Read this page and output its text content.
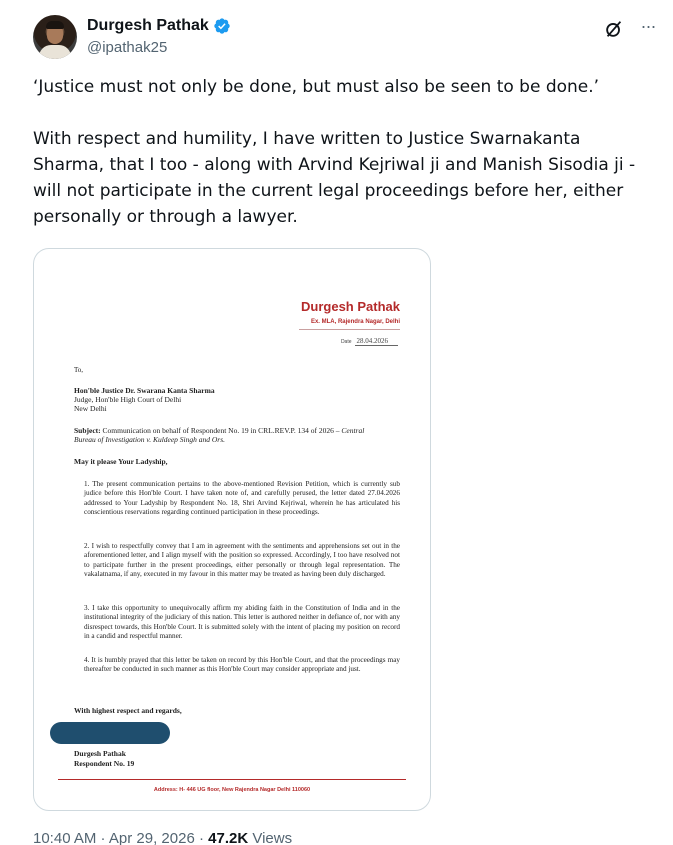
Durgesh Pathak
@ipathak25
···
‘Justice must not only be done, but must also be seen to be done.’

With respect and humility, I have written to Justice Swarnakanta Sharma, that I too - along with Arvind Kejriwal ji and Manish Sisodia ji - will not participate in the current legal proceedings before her, either personally or through a lawyer.
Durgesh Pathak
Ex. MLA, Rajendra Nagar, Delhi
Date 28.04.2026
To,
Hon'ble Justice Dr. Swarana Kanta Sharma
Judge, Hon'ble High Court of Delhi
New Delhi
Subject: Communication on behalf of Respondent No. 19 in CRL.REV.P. 134 of 2026 – Central Bureau of Investigation v. Kuldeep Singh and Ors.
May it please Your Ladyship,
1. The present communication pertains to the above-mentioned Revision Petition, which is currently sub judice before this Hon'ble Court. I have taken note of, and carefully perused, the letter dated 27.04.2026 addressed to Your Ladyship by Respondent No. 18, Shri Arvind Kejriwal, wherein he has articulated his conscientious reservations regarding continued participation in these proceedings.
2. I wish to respectfully convey that I am in agreement with the sentiments and apprehensions set out in the aforementioned letter, and I align myself with the position so expressed. Accordingly, I too have resolved not to participate further in the present proceedings, either personally or through legal representation. The vakalatnama, if any, executed in my favour in this matter may be treated as having been duly discharged.
3. I take this opportunity to unequivocally affirm my abiding faith in the Constitution of India and in the institutional integrity of the judiciary of this nation. This letter is authored neither in defiance of, nor with any disrespect towards, this Hon'ble Court. It is submitted solely with the intent of placing my position on record in a candid and respectful manner.
4. It is humbly prayed that this letter be taken on record by this Hon'ble Court, and that the proceedings may thereafter be conducted in such manner as this Hon'ble Court may consider appropriate and just.
With highest respect and regards,
Durgesh Pathak
Respondent No. 19
Address: H- 446 UG floor, New Rajendra Nagar Delhi 110060
10:40 AM · Apr 29, 2026 · 47.2K Views
